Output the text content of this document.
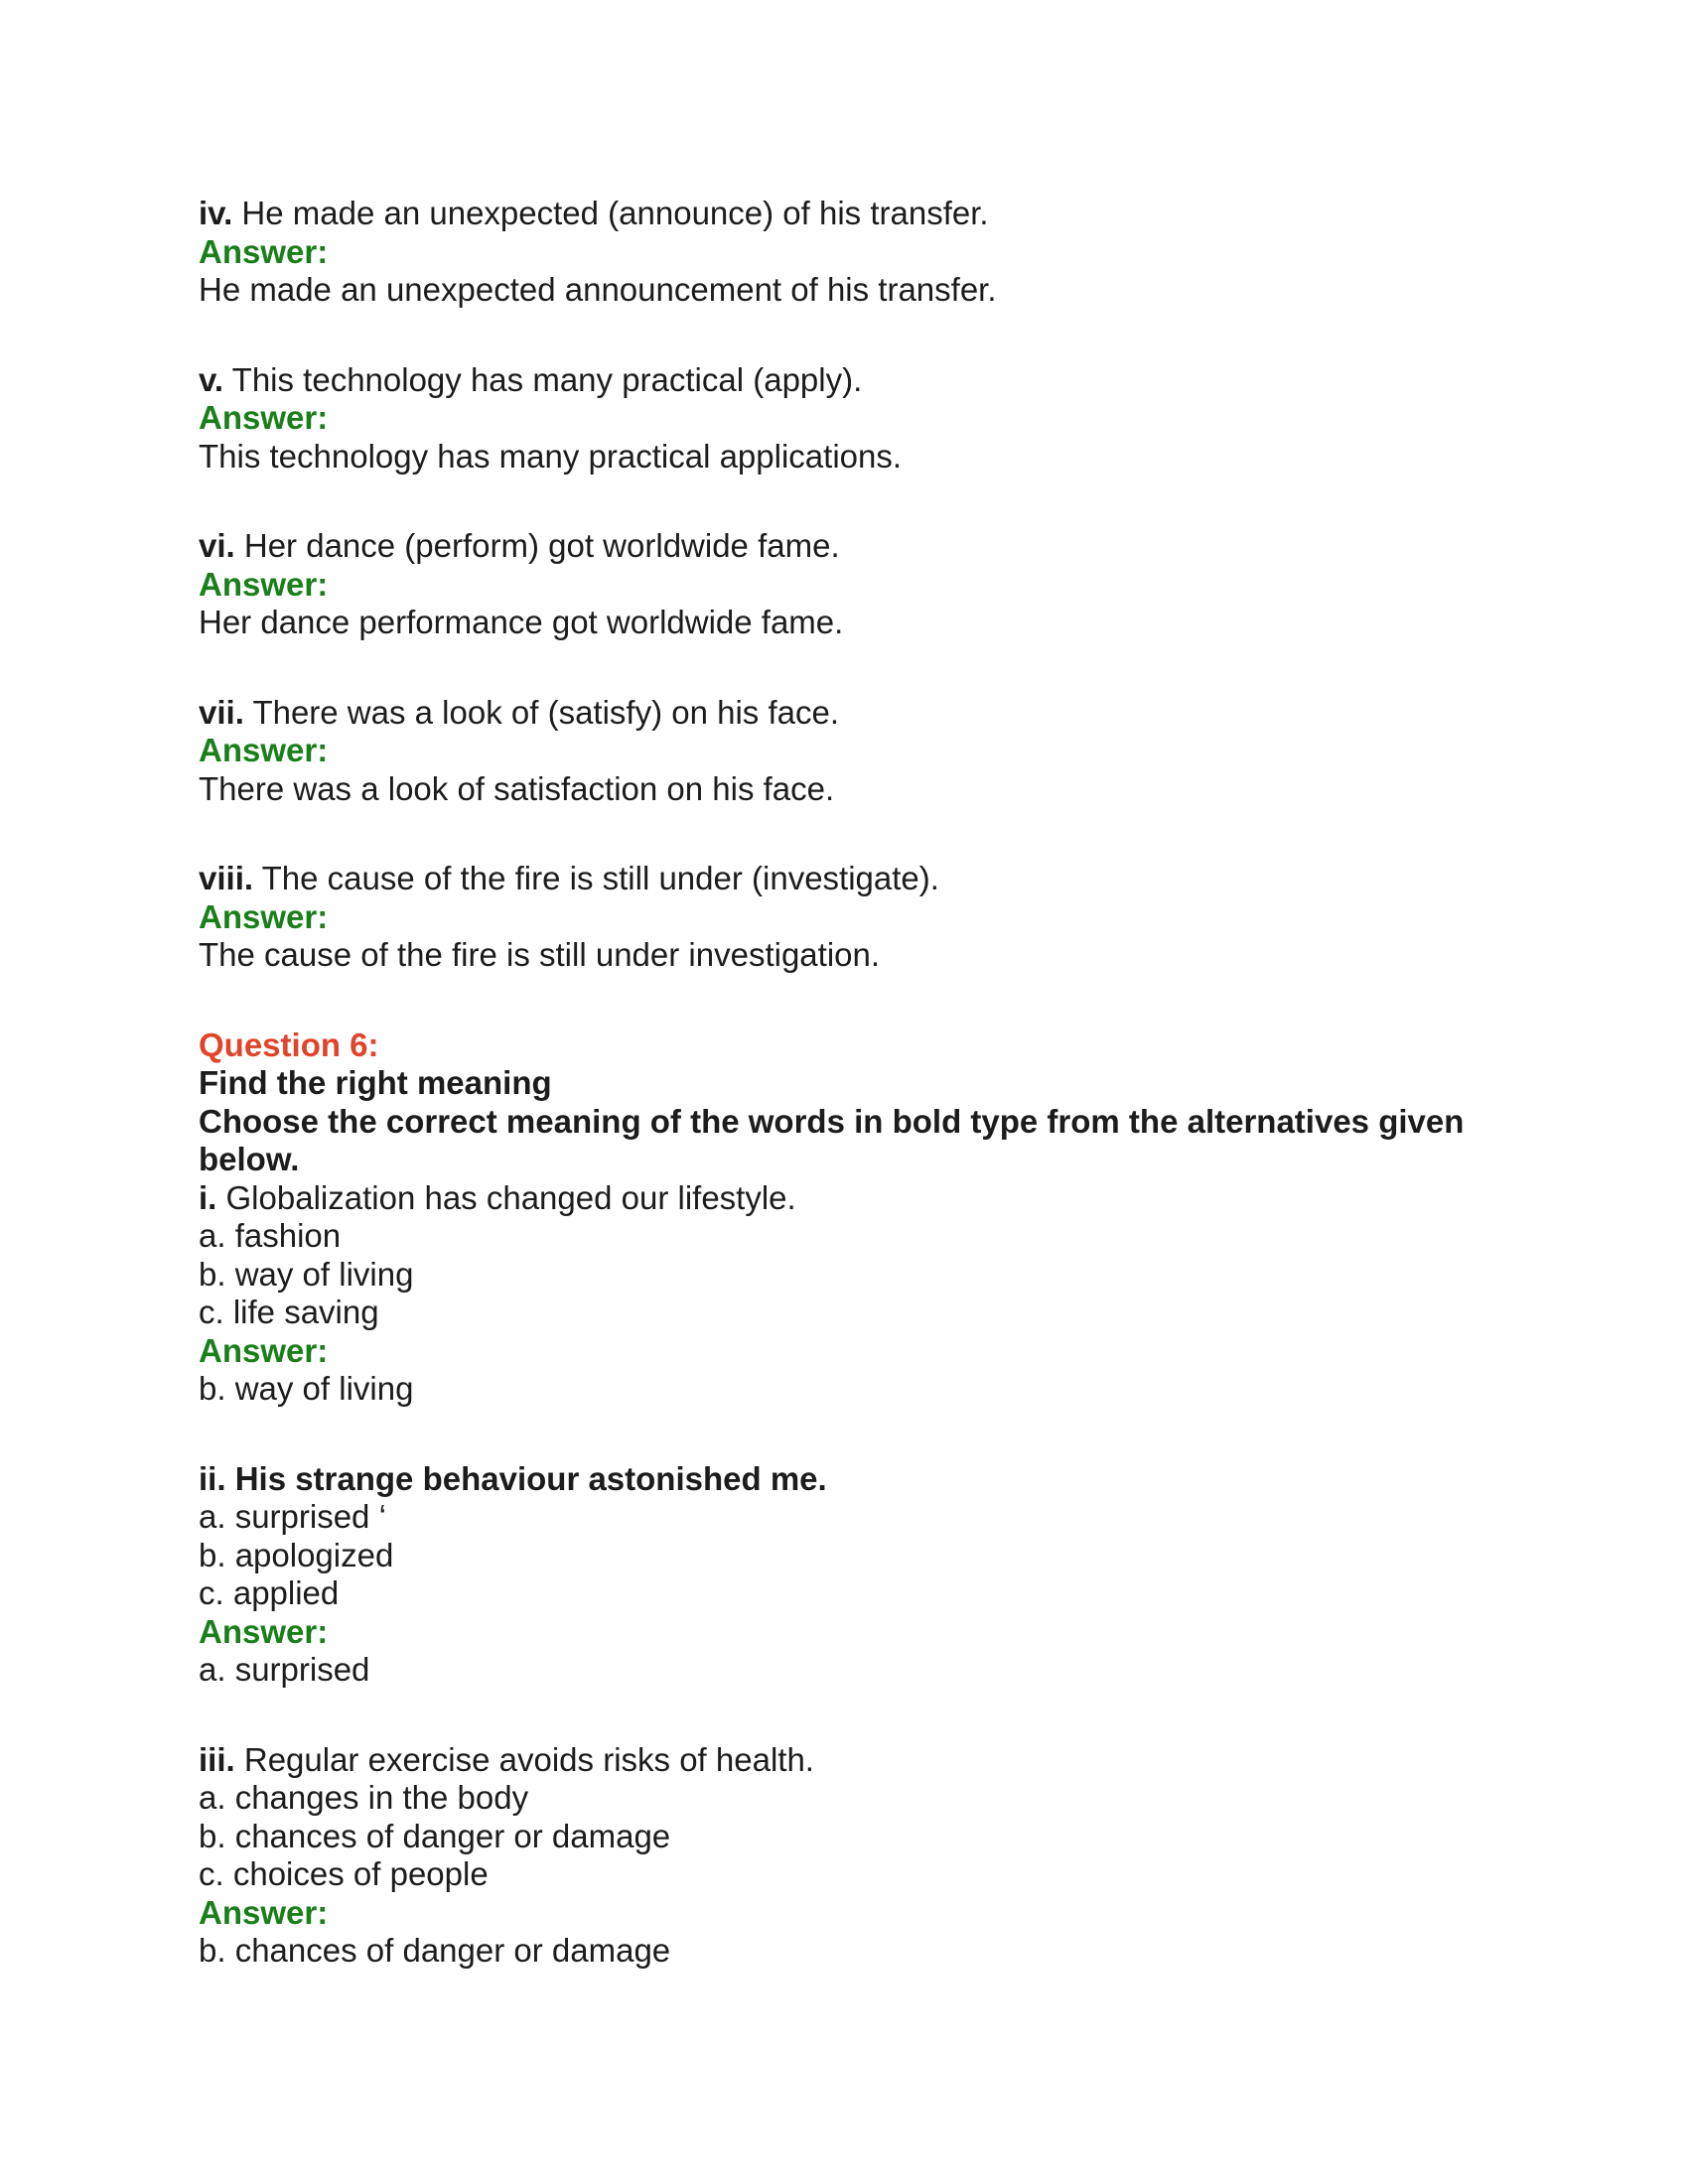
iv. He made an unexpected (announce) of his transfer.

Answer:

He made an unexpected announcement of his transfer.

v. This technology has many practical (apply).

Answer:

This technology has many practical applications.

vi. Her dance (perform) got worldwide fame.

Answer:

Her dance performance got worldwide fame.

vii. There was a look of (satisfy) on his face.

Answer:

There was a look of satisfaction on his face.

viii. The cause of the fire is still under (investigate).

Answer:

The cause of the fire is still under investigation.

Question 6:

Find the right meaning

Choose the correct meaning of the words in bold type from the alternatives given below.

i. Globalization has changed our lifestyle.

a. fashion

b. way of living

c. life saving

Answer:

b. way of living

ii. His strange behaviour astonished me.

a. surprised ‘

b. apologized

c. applied

Answer:

a. surprised

iii. Regular exercise avoids risks of health.

a. changes in the body

b. chances of danger or damage

c. choices of people

Answer:

b. chances of danger or damage
